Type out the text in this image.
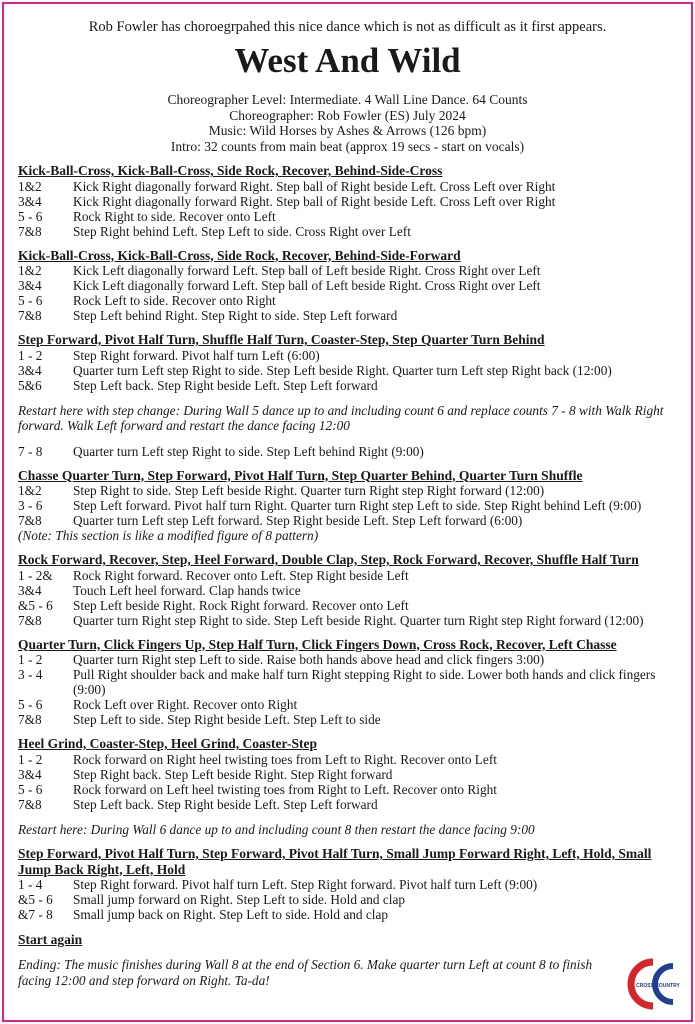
Rob Fowler has choroegrpahed this nice dance which is not as difficult as it first appears.
West And Wild
Choreographer Level: Intermediate. 4 Wall Line Dance. 64 Counts
Choreographer: Rob Fowler (ES) July 2024
Music: Wild Horses by Ashes & Arrows (126 bpm)
Intro: 32 counts from main beat (approx 19 secs - start on vocals)
Kick-Ball-Cross, Kick-Ball-Cross, Side Rock, Recover, Behind-Side-Cross
1&2	Kick Right diagonally forward Right. Step ball of Right beside Left. Cross Left over Right
3&4	Kick Right diagonally forward Right. Step ball of Right beside Left. Cross Left over Right
5 - 6	Rock Right to side. Recover onto Left
7&8	Step Right behind Left. Step Left to side. Cross Right over Left
Kick-Ball-Cross, Kick-Ball-Cross, Side Rock, Recover, Behind-Side-Forward
1&2	Kick Left diagonally forward Left. Step ball of Left beside Right. Cross Right over Left
3&4	Kick Left diagonally forward Left. Step ball of Left beside Right. Cross Right over Left
5 - 6	Rock Left to side. Recover onto Right
7&8	Step Left behind Right. Step Right to side. Step Left forward
Step Forward, Pivot Half Turn, Shuffle Half Turn, Coaster-Step, Step Quarter Turn Behind
1 - 2	Step Right forward. Pivot half turn Left (6:00)
3&4	Quarter turn Left step Right to side. Step Left beside Right. Quarter turn Left step Right back (12:00)
5&6	Step Left back. Step Right beside Left. Step Left forward
Restart here with step change: During Wall 5 dance up to and including count 6 and replace counts 7 - 8 with Walk Right forward. Walk Left forward and restart the dance facing 12:00
7 - 8	Quarter turn Left step Right to side. Step Left behind Right (9:00)
Chasse Quarter Turn, Step Forward, Pivot Half Turn, Step Quarter Behind, Quarter Turn Shuffle
1&2	Step Right to side. Step Left beside Right. Quarter turn Right step Right forward (12:00)
3 - 6	Step Left forward. Pivot half turn Right. Quarter turn Right step Left to side. Step Right behind Left (9:00)
7&8	Quarter turn Left step Left forward. Step Right beside Left. Step Left forward (6:00)
(Note: This section is like a modified figure of 8 pattern)
Rock Forward, Recover, Step, Heel Forward, Double Clap, Step, Rock Forward, Recover, Shuffle Half Turn
1 - 2&	Rock Right forward. Recover onto Left. Step Right beside Left
3&4	Touch Left heel forward. Clap hands twice
&5 - 6	Step Left beside Right. Rock Right forward. Recover onto Left
7&8	Quarter turn Right step Right to side. Step Left beside Right. Quarter turn Right step Right forward (12:00)
Quarter Turn, Click Fingers Up, Step Half Turn, Click Fingers Down, Cross Rock, Recover, Left Chasse
1 - 2	Quarter turn Right step Left to side. Raise both hands above head and click fingers 3:00)
3 - 4	Pull Right shoulder back and make half turn Right stepping Right to side. Lower both hands and click fingers (9:00)
5 - 6	Rock Left over Right. Recover onto Right
7&8	Step Left to side. Step Right beside Left. Step Left to side
Heel Grind, Coaster-Step, Heel Grind, Coaster-Step
1 - 2	Rock forward on Right heel twisting toes from Left to Right. Recover onto Left
3&4	Step Right back. Step Left beside Right. Step Right forward
5 - 6	Rock forward on Left heel twisting toes from Right to Left. Recover onto Right
7&8	Step Left back. Step Right beside Left. Step Left forward
Restart here: During Wall 6 dance up to and including count 8 then restart the dance facing 9:00
Step Forward, Pivot Half Turn, Step Forward, Pivot Half Turn, Small Jump Forward Right, Left, Hold, Small Jump Back Right, Left, Hold
1 - 4	Step Right forward. Pivot half turn Left. Step Right forward. Pivot half turn Left (9:00)
&5 - 6	Small jump forward on Right. Step Left to side. Hold and clap
&7 - 8	Small jump back on Right. Step Left to side. Hold and clap
Start again
Ending: The music finishes during Wall 8 at the end of Section 6. Make quarter turn Left at count 8 to finish facing 12:00 and step forward on Right. Ta-da!	CROSS COUNTRY
